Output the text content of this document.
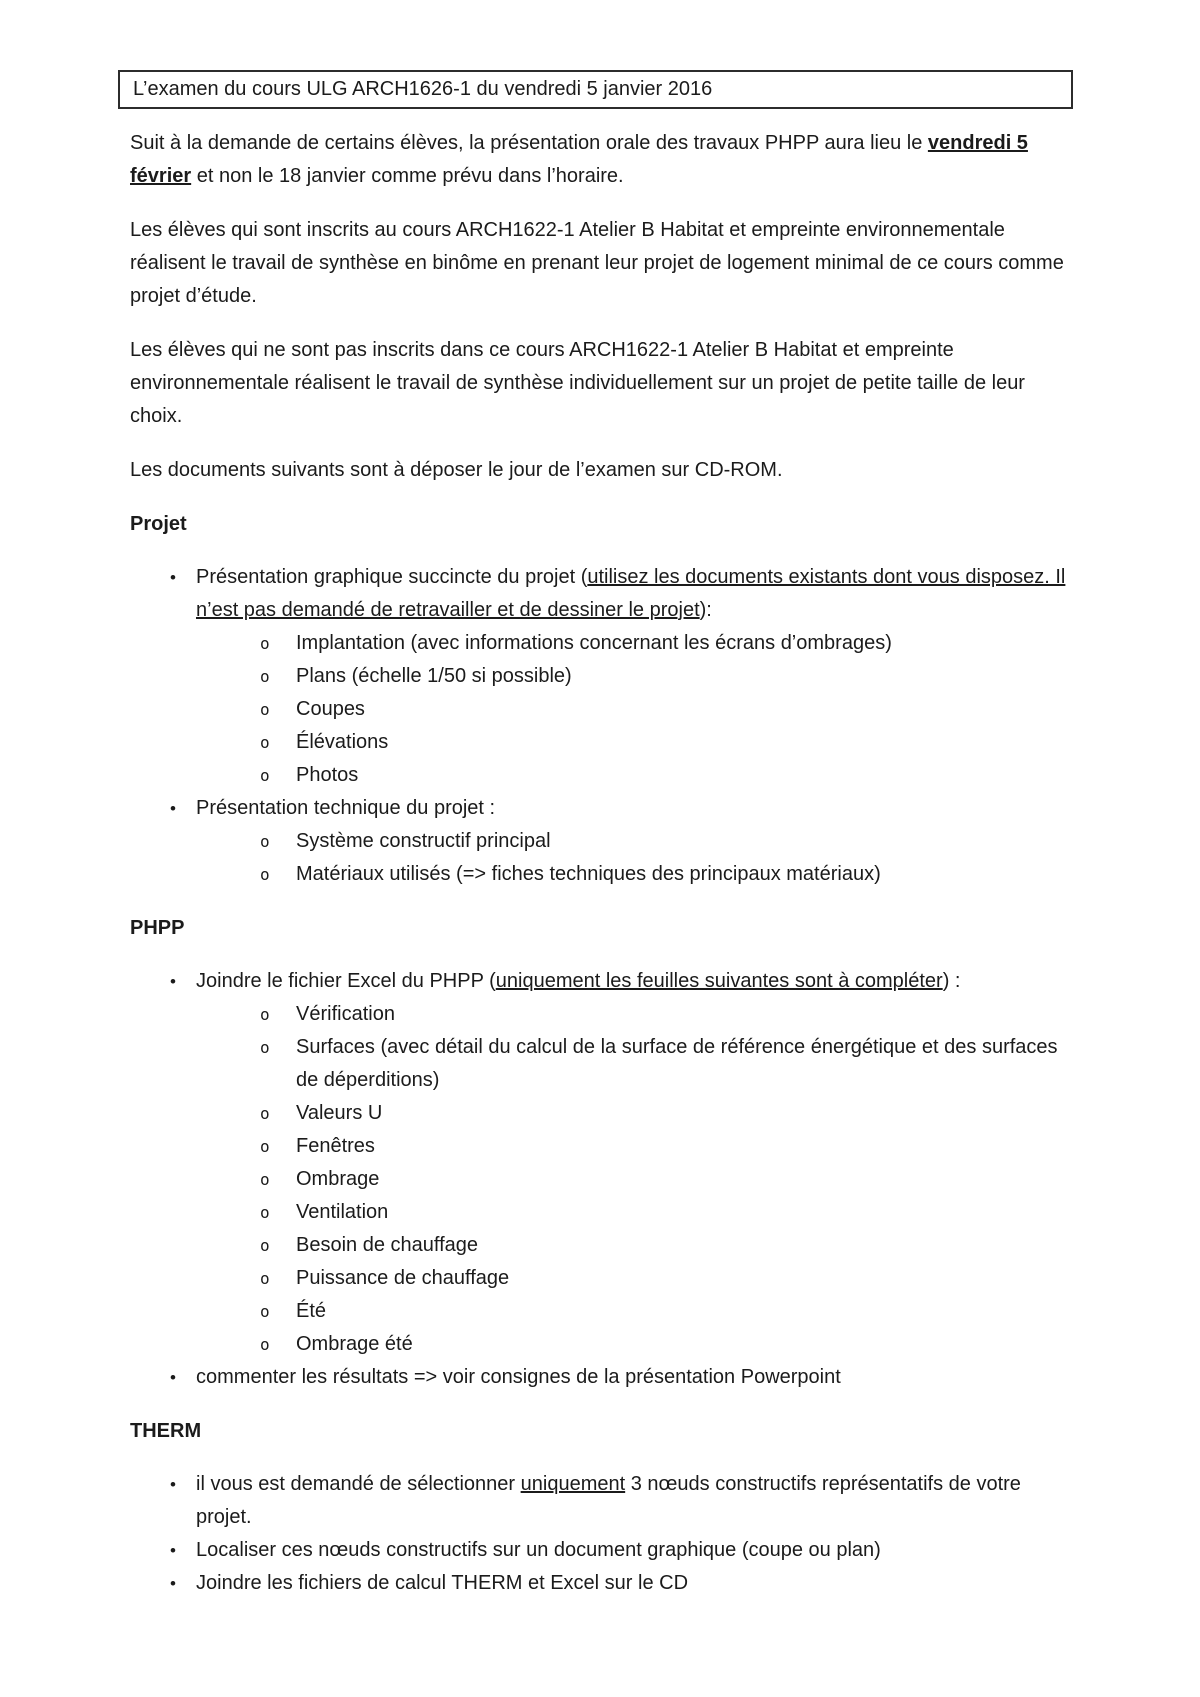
L’examen du cours ULG ARCH1626-1 du vendredi 5 janvier 2016

Suit à la demande de certains élèves, la présentation orale des travaux PHPP aura lieu le vendredi 5 février et non le 18 janvier comme prévu dans l’horaire.

Les élèves qui sont inscrits au cours ARCH1622-1 Atelier B Habitat et empreinte environnementale réalisent le travail de synthèse en binôme en prenant leur projet de logement minimal de ce cours comme projet d’étude.

Les élèves qui ne sont pas inscrits dans ce cours ARCH1622-1 Atelier B Habitat et empreinte environnementale réalisent le travail de synthèse individuellement sur un projet de petite taille de leur choix.

Les documents suivants sont à déposer le jour de l’examen sur CD-ROM.

Projet
•	Présentation graphique succincte du projet (utilisez les documents existants dont vous disposez. Il n’est pas demandé de retravailler et de dessiner le projet):
o	Implantation (avec informations concernant les écrans d’ombrages)
o	Plans (échelle 1/50 si possible)
o	Coupes
o	Élévations
o	Photos
•	Présentation technique du projet :
o	Système constructif principal
o	Matériaux utilisés (=> fiches techniques des principaux matériaux)
PHPP
•	Joindre le fichier Excel du PHPP (uniquement les feuilles suivantes sont à compléter) :
o	Vérification
o	Surfaces (avec détail du calcul de la surface de référence énergétique et des surfaces de déperditions)
o	Valeurs U
o	Fenêtres
o	Ombrage
o	Ventilation
o	Besoin de chauffage
o	Puissance de chauffage
o	Été
o	Ombrage été
•	commenter les résultats => voir consignes de la présentation Powerpoint
THERM
•	il vous est demandé de sélectionner uniquement 3 nœuds constructifs représentatifs de votre projet.
•	Localiser ces nœuds constructifs sur un document graphique (coupe ou plan)
•	Joindre les fichiers de calcul THERM et Excel sur le CD
